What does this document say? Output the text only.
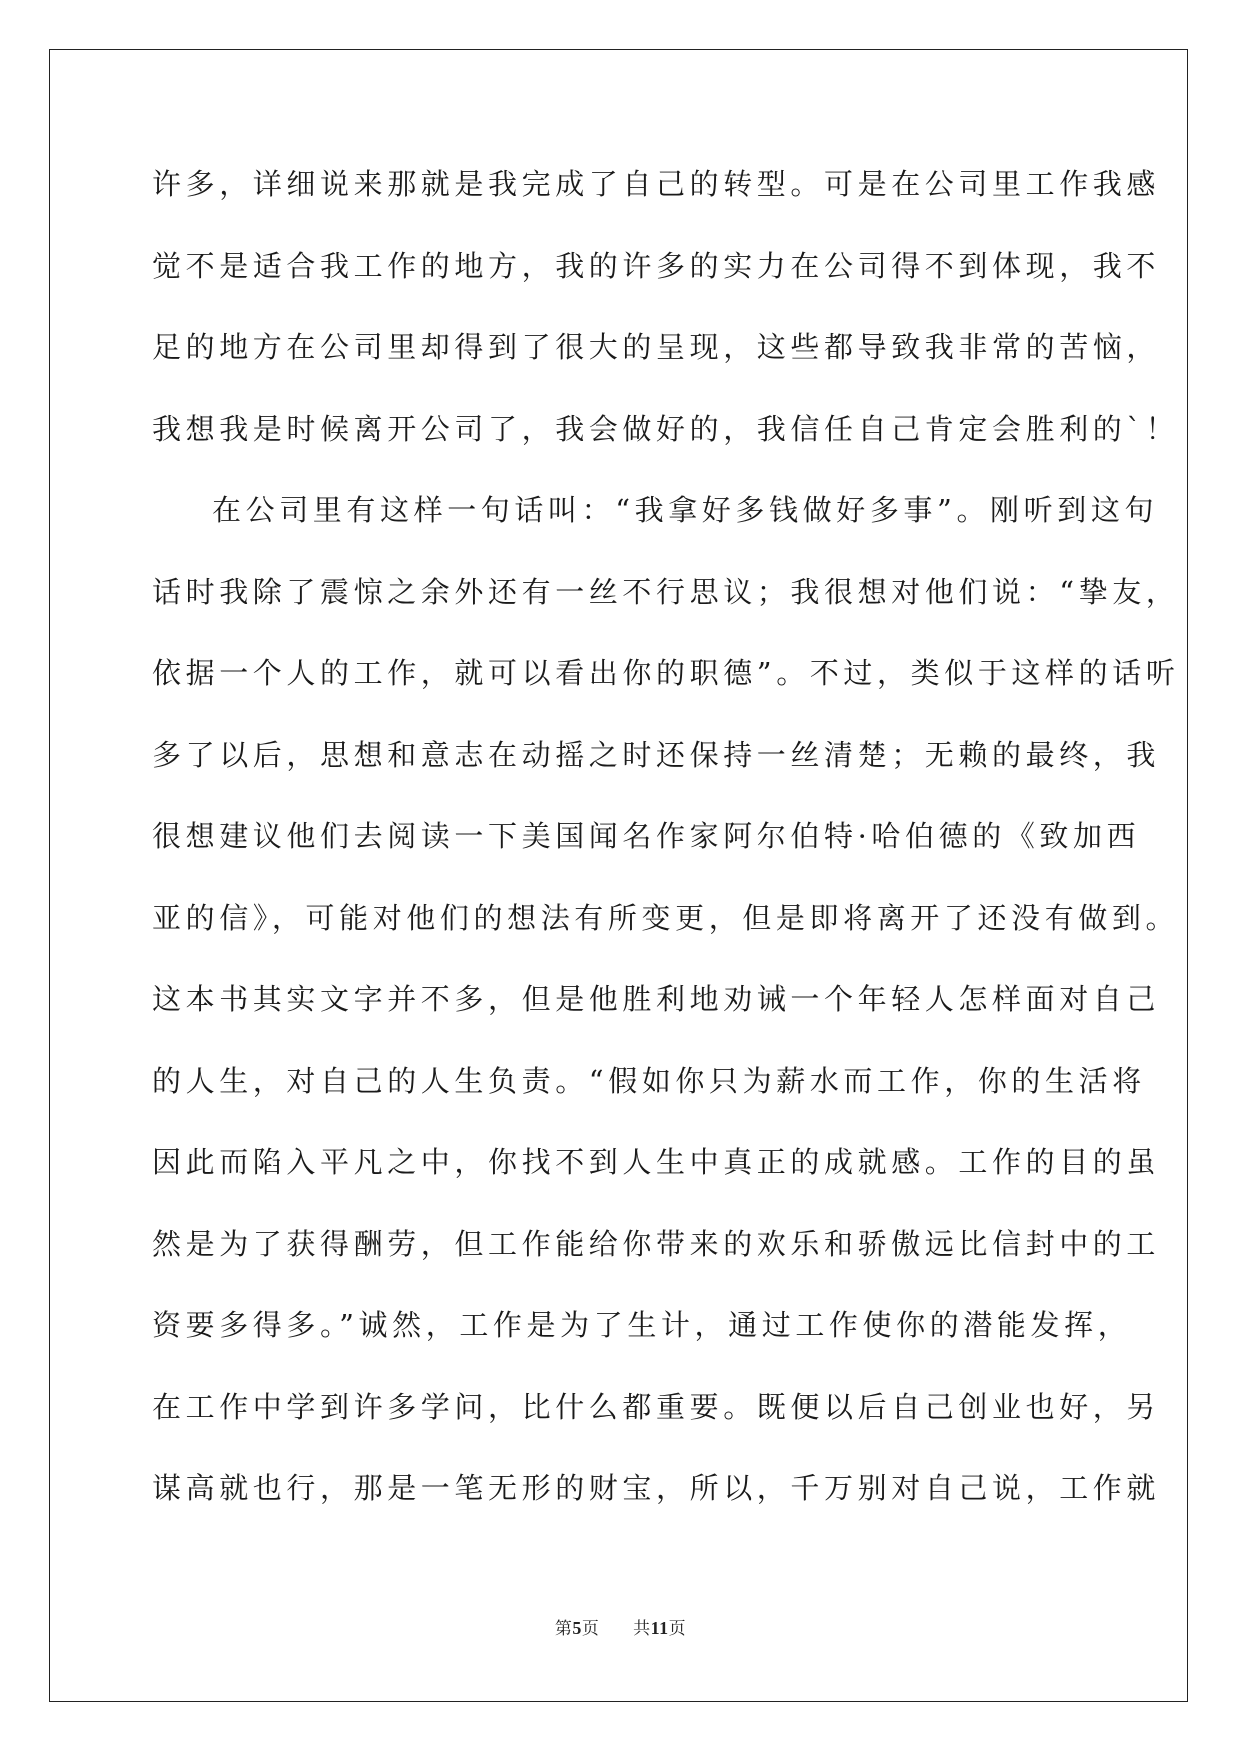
许多，详细说来那就是我完成了自己的转型。可是在公司里工作我感
觉不是适合我工作的地方，我的许多的实力在公司得不到体现，我不
足的地方在公司里却得到了很大的呈现，这些都导致我非常的苦恼，
我想我是时候离开公司了，我会做好的，我信任自己肯定会胜利的`！
在公司里有这样一句话叫：“我拿好多钱做好多事”。刚听到这句
话时我除了震惊之余外还有一丝不行思议；我很想对他们说：“挚友，
依据一个人的工作，就可以看出你的职德”。不过，类似于这样的话听
多了以后，思想和意志在动摇之时还保持一丝清楚；无赖的最终，我
很想建议他们去阅读一下美国闻名作家阿尔伯特·哈伯德的《致加西
亚的信》，可能对他们的想法有所变更，但是即将离开了还没有做到。
这本书其实文字并不多，但是他胜利地劝诫一个年轻人怎样面对自己
的人生，对自己的人生负责。“假如你只为薪水而工作，你的生活将
因此而陷入平凡之中，你找不到人生中真正的成就感。工作的目的虽
然是为了获得酬劳，但工作能给你带来的欢乐和骄傲远比信封中的工
资要多得多。”诚然，工作是为了生计，通过工作使你的潜能发挥，
在工作中学到许多学问，比什么都重要。既便以后自己创业也好，另
谋高就也行，那是一笔无形的财宝，所以，千万别对自己说，工作就
第5页 共11页
